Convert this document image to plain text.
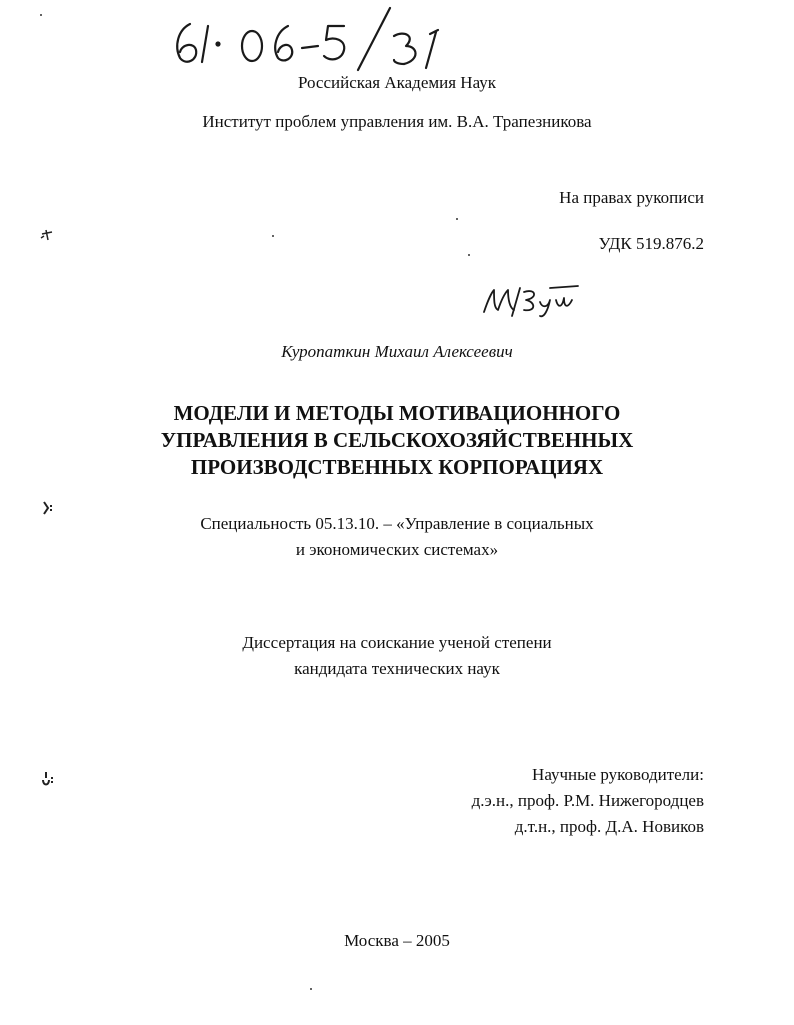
Российская Академия Наук
Институт проблем управления им. В.А. Трапезникова
На правах рукописи
УДК 519.876.2
Куропаткин Михаил Алексеевич
МОДЕЛИ И МЕТОДЫ МОТИВАЦИОННОГО
УПРАВЛЕНИЯ В СЕЛЬСКОХОЗЯЙСТВЕННЫХ
ПРОИЗВОДСТВЕННЫХ КОРПОРАЦИЯХ
Специальность 05.13.10. – «Управление в социальных
и экономических системах»
Диссертация на соискание ученой степени
кандидата технических наук
Научные руководители:
д.э.н., проф. Р.М. Нижегородцев
д.т.н., проф. Д.А. Новиков
Москва – 2005
